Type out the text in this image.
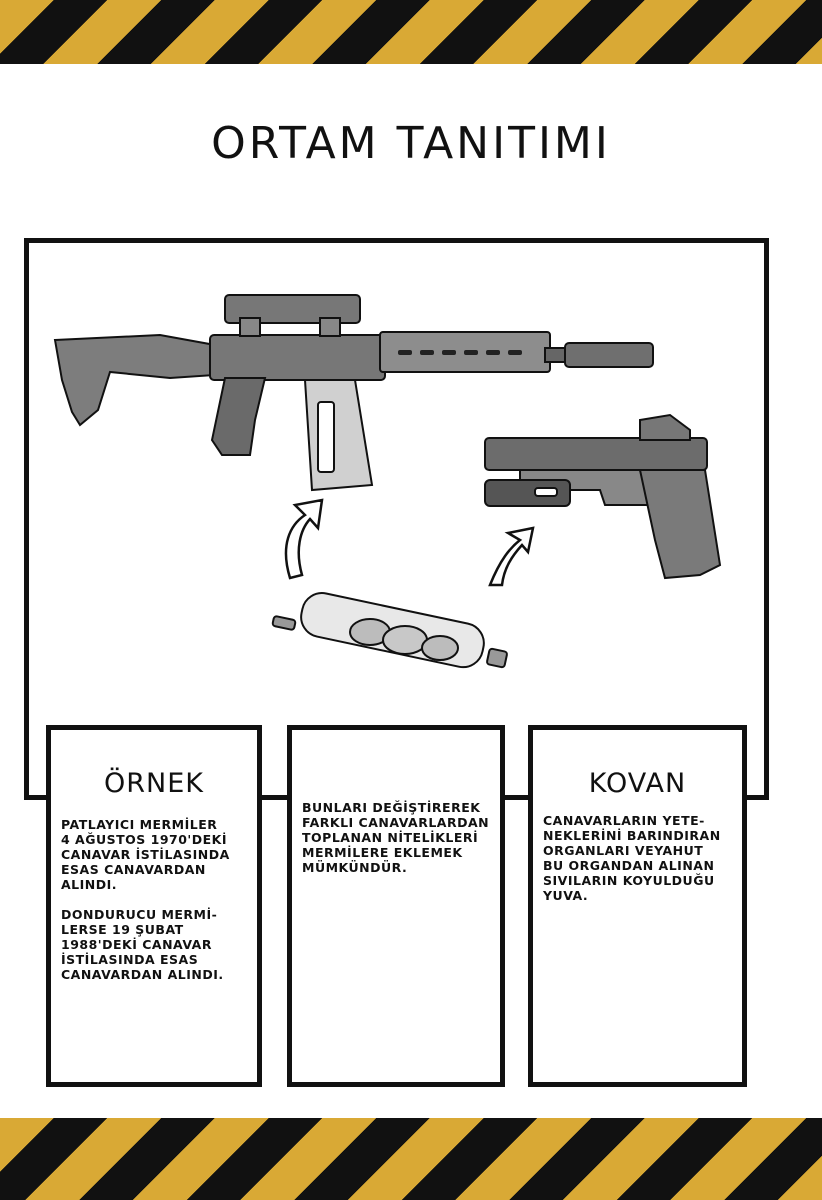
ORTAM TANITIMI
ÖRNEK
PATLAYICI MERMİLER
4 AĞUSTOS 1970'DEKİ
CANAVAR İSTİLASINDA
ESAS CANAVARDAN
ALINDI.
DONDURUCU MERMİ-
LERSE 19 ŞUBAT
1988'DEKİ CANAVAR
İSTİLASINDA ESAS
CANAVARDAN ALINDI.
BUNLARI DEĞİŞTİREREK
FARKLI CANAVARLARDAN
TOPLANAN NİTELİKLERİ
MERMİLERE EKLEMEK
MÜMKÜNDÜR.
KOVAN
CANAVARLARIN YETE-
NEKLERİNİ BARINDIRAN
ORGANLARI VEYAHUT
BU ORGANDAN ALINAN
SIVILARIN KOYULDUĞU
YUVA.
